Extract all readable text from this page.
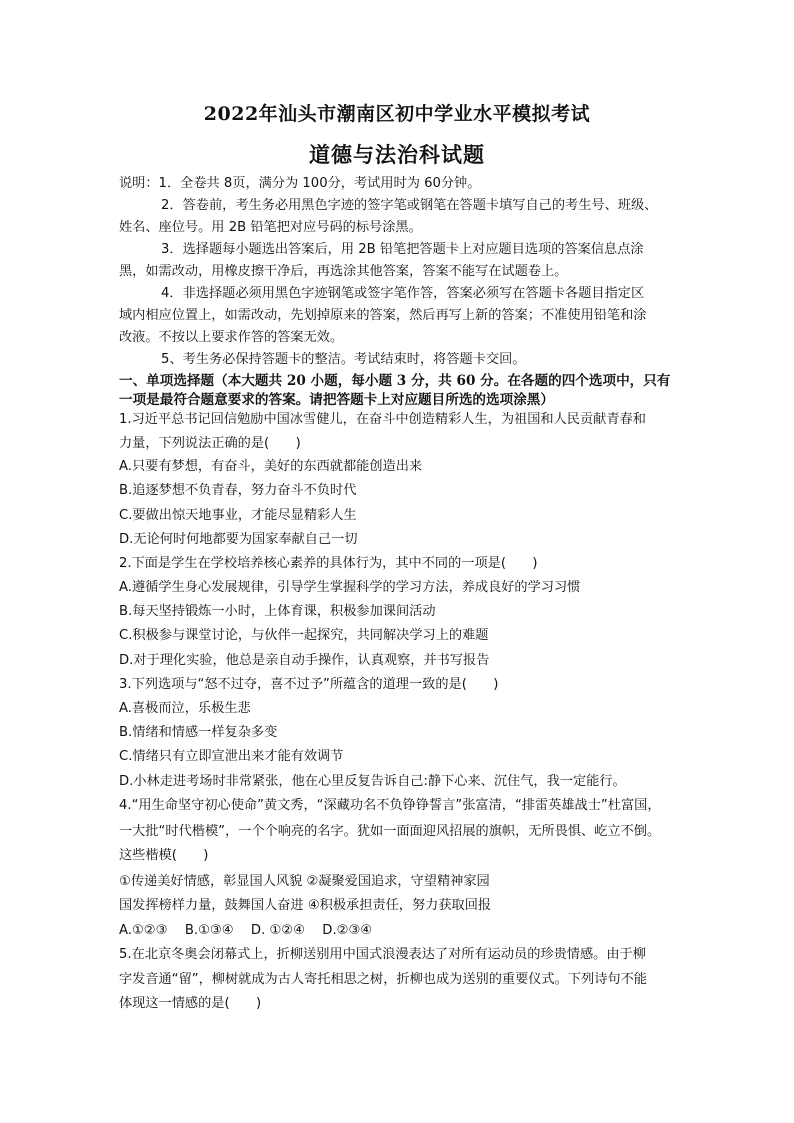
2022年汕头市潮南区初中学业水平模拟考试
道德与法治科试题
说明：1．全卷共 8页，满分为 100分，考试用时为 60分钟。
2．答卷前，考生务必用黑色字迹的签字笔或钢笔在答题卡填写自己的考生号、班级、
姓名、座位号。用 2B 铅笔把对应号码的标号涂黑。
3．选择题每小题选出答案后，用 2B 铅笔把答题卡上对应题目选项的答案信息点涂
黑，如需改动，用橡皮擦干净后，再选涂其他答案，答案不能写在试题卷上。
4．非选择题必须用黑色字迹钢笔或签字笔作答，答案必须写在答题卡各题目指定区
域内相应位置上，如需改动，先划掉原来的答案，然后再写上新的答案；不准使用铅笔和涂
改液。不按以上要求作答的答案无效。
5、考生务必保持答题卡的整洁。考试结束时，将答题卡交回。
一、单项选择题（本大题共 20 小题，每小题 3 分，共 60 分。在各题的四个选项中，只有
一项是最符合题意要求的答案。请把答题卡上对应题目所选的选项涂黑）
1.习近平总书记回信勉励中国冰雪健儿，在奋斗中创造精彩人生，为祖国和人民贡献青春和
力量，下列说法正确的是(　　)
A.只要有梦想，有奋斗，美好的东西就都能创造出来
B.追逐梦想不负青春，努力奋斗不负时代
C.要做出惊天地事业，才能尽显精彩人生
D.无论何时何地都要为国家奉献自己一切
2.下面是学生在学校培养核心素养的具体行为，其中不同的一项是(　　)
A.遵循学生身心发展规律，引导学生掌握科学的学习方法，养成良好的学习习惯
B.每天坚持锻炼一小时，上体育课，积极参加课间活动
C.积极参与课堂讨论，与伙伴一起探究，共同解决学习上的难题
D.对于理化实验，他总是亲自动手操作，认真观察，并书写报告
3.下列选项与“怒不过夺，喜不过予”所蕴含的道理一致的是(　　)
A.喜极而泣，乐极生悲
B.情绪和情感一样复杂多变
C.情绪只有立即宣泄出来才能有效调节
D.小林走进考场时非常紧张，他在心里反复告诉自己:静下心来、沉住气，我一定能行。
4.“用生命坚守初心使命”黄文秀，“深藏功名不负铮铮誓言”张富清，“排雷英雄战士”杜富国，
一大批“时代楷模”，一个个响亮的名字。犹如一面面迎风招展的旗帜，无所畏惧、屹立不倒。
这些楷模(　　)
①传递美好情感，彰显国人风貌 ②凝聚爱国追求，守望精神家园
国发挥榜样力量，鼓舞国人奋进 ④积极承担责任，努力获取回报
A.①②③　 B.①③④　 D. ①②④　 D.②③④
5.在北京冬奥会闭幕式上，折柳送别用中国式浪漫表达了对所有运动员的珍贵情感。由于柳
字发音通“留”，柳树就成为古人寄托相思之树，折柳也成为送别的重要仪式。下列诗句不能
体现这一情感的是(　　)
